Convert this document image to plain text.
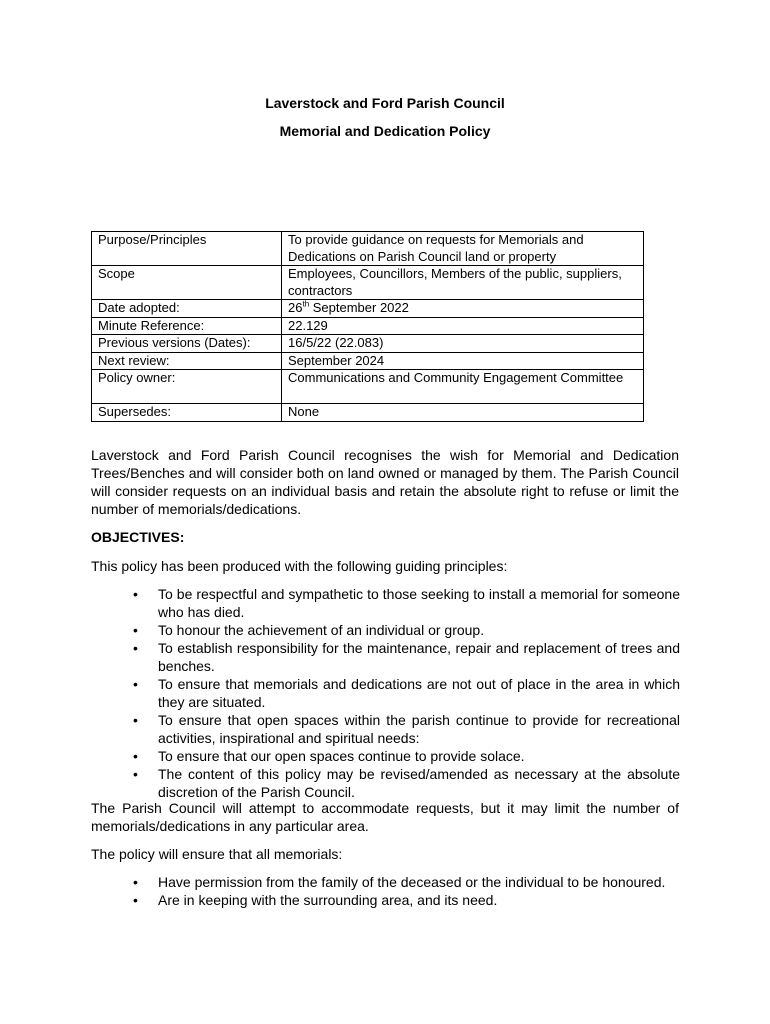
Laverstock and Ford Parish Council
Memorial and Dedication Policy
Purpose/Principles	To provide guidance on requests for Memorials and Dedications on Parish Council land or property
Scope	Employees, Councillors, Members of the public, suppliers, contractors
Date adopted:	26th September 2022
Minute Reference:	22.129
Previous versions (Dates):	16/5/22 (22.083)
Next review:	September 2024
Policy owner:	Communications and Community Engagement Committee
Supersedes:	None
Laverstock and Ford Parish Council recognises the wish for Memorial and Dedication Trees/Benches and will consider both on land owned or managed by them. The Parish Council will consider requests on an individual basis and retain the absolute right to refuse or limit the number of memorials/dedications.
OBJECTIVES:
This policy has been produced with the following guiding principles:
• To be respectful and sympathetic to those seeking to install a memorial for someone who has died.
• To honour the achievement of an individual or group.
• To establish responsibility for the maintenance, repair and replacement of trees and benches.
• To ensure that memorials and dedications are not out of place in the area in which they are situated.
• To ensure that open spaces within the parish continue to provide for recreational activities, inspirational and spiritual needs:
• To ensure that our open spaces continue to provide solace.
• The content of this policy may be revised/amended as necessary at the absolute discretion of the Parish Council.
The Parish Council will attempt to accommodate requests, but it may limit the number of memorials/dedications in any particular area.
The policy will ensure that all memorials:
• Have permission from the family of the deceased or the individual to be honoured.
• Are in keeping with the surrounding area, and its need.
